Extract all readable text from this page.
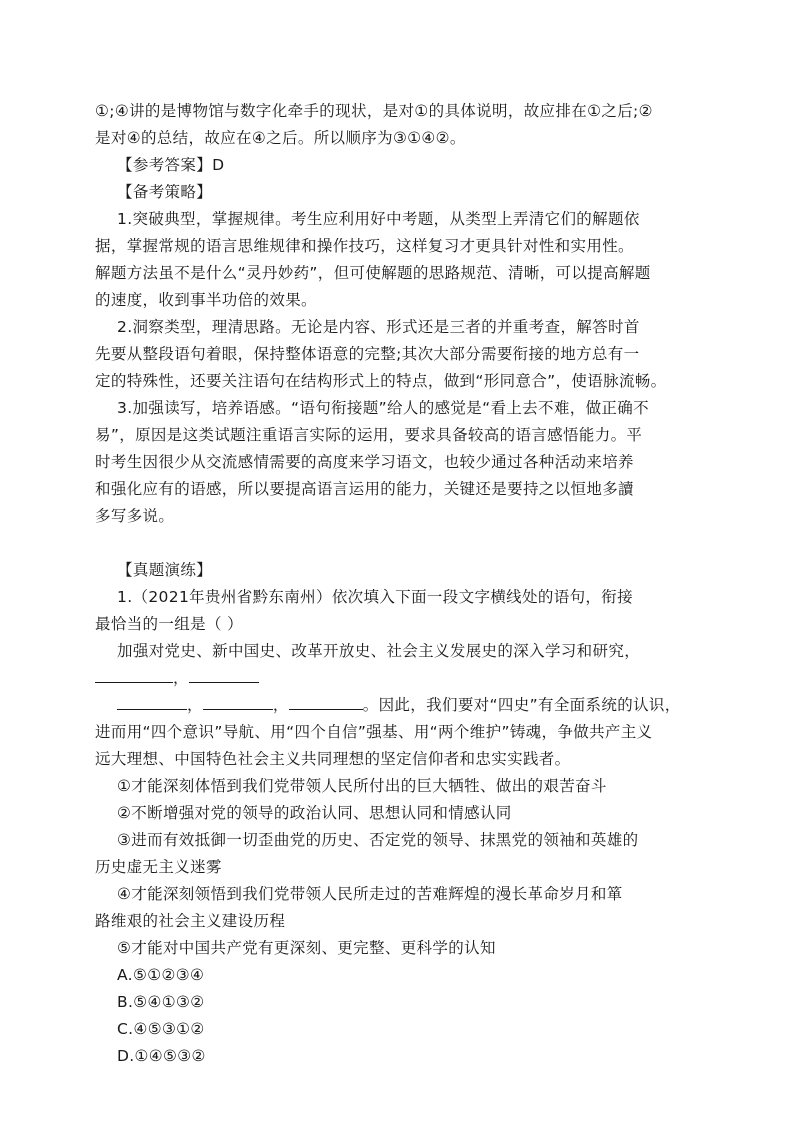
①;④讲的是博物馆与数字化牵手的现状，是对①的具体说明，故应排在①之后;②
是对④的总结，故应在④之后。所以顺序为③①④②。
【参考答案】D
【备考策略】
1.突破典型，掌握规律。考生应利用好中考题，从类型上弄清它们的解题依
据，掌握常规的语言思维规律和操作技巧，这样复习才更具针对性和实用性。
解题方法虽不是什么“灵丹妙药”，但可使解题的思路规范、清晰，可以提高解题
的速度，收到事半功倍的效果。
2.洞察类型，理清思路。无论是内容、形式还是三者的并重考查，解答时首
先要从整段语句着眼，保持整体语意的完整;其次大部分需要衔接的地方总有一
定的特殊性，还要关注语句在结构形式上的特点，做到“形同意合”，使语脉流畅。
3.加强读写，培养语感。“语句衔接题”给人的感觉是“看上去不难，做正确不
易”，原因是这类试题注重语言实际的运用，要求具备较高的语言感悟能力。平
时考生因很少从交流感情需要的高度来学习语文，也较少通过各种活动来培养
和强化应有的语感，所以要提高语言运用的能力，关键还是要持之以恒地多讀
多写多说。
【真题演练】
1.（2021年贵州省黔东南州）依次填入下面一段文字横线处的语句，衔接
最恰当的一组是（ ）
加强对党史、新中国史、改革开放史、社会主义发展史的深入学习和研究，
，
，	，	。因此，我们要对“四史”有全面系统的认识，
进而用“四个意识”导航、用“四个自信”强基、用“两个维护”铸魂，争做共产主义
远大理想、中国特色社会主义共同理想的坚定信仰者和忠实实践者。
①才能深刻体悟到我们党带领人民所付出的巨大牺牲、做出的艰苦奋斗
②不断增强对党的领导的政治认同、思想认同和情感认同
③进而有效抵御一切歪曲党的历史、否定党的领导、抹黑党的领袖和英雄的
历史虚无主义迷雾
④才能深刻领悟到我们党带领人民所走过的苦难辉煌的漫长革命岁月和箪
路维艰的社会主义建设历程
⑤才能对中国共产党有更深刻、更完整、更科学的认知
A.⑤①②③④
B.⑤④①③②
C.④⑤③①②
D.①④⑤③②
